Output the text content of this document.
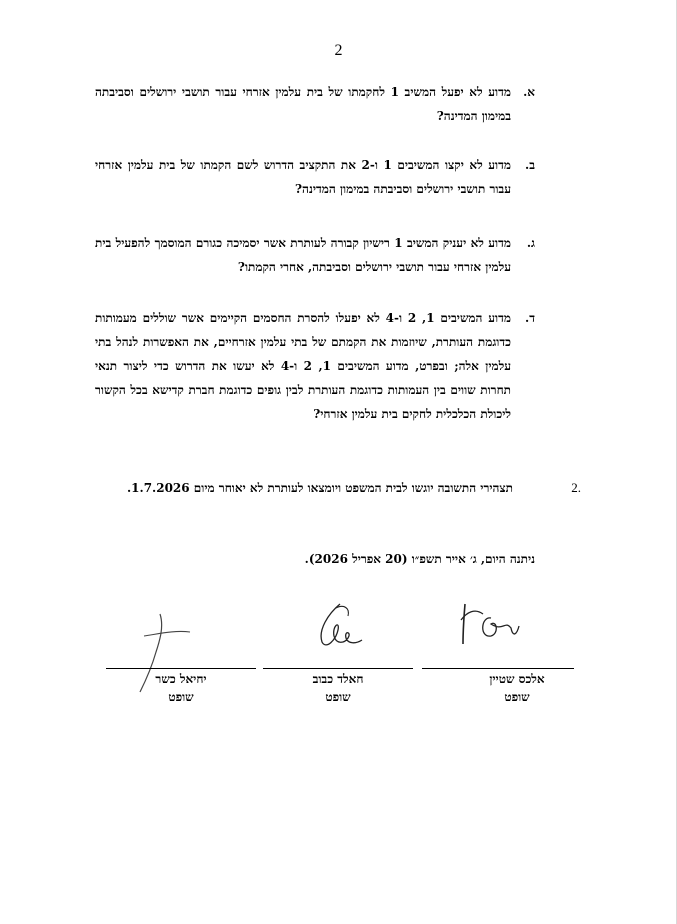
2
א.
מדוע לא יפעל המשיב 1 לחקמתו של בית עלמין אזרחי עבור תושבי ירושלים וסביבתה במימון המדינה?
ב.
מדוע לא יקצו המשיבים 1 ו-2 את התקציב הדרוש לשם הקמתו של בית עלמין אזרחי עבור תושבי ירושלים וסביבתה במימון המדינה?
ג.
מדוע לא יעניק המשיב 1 רישיון קבורה לעותרת אשר יסמיכה כגורם המוסמך להפעיל בית עלמין אזרחי עבור תושבי ירושלים וסביבתה, אחרי הקמתו?
ד.
מדוע המשיבים 1, 2 ו-4 לא יפעלו להסרת החסמים הקיימים אשר שוללים מעמותות כדוגמת העותרת, שיוזמות את הקמתם של בתי עלמין אזרחיים, את האפשרות לנהל בתי עלמין אלה; ובפרט, מדוע המשיבים 1, 2 ו-4 לא יעשו את הדרוש כדי ליצור תנאי תחרות שווים בין העמותות כדוגמת העותרת לבין גופים כדוגמת חברת קדישא בכל הקשור ליכולת הכלכלית לחקים בית עלמין אזרחי?
.2
תצהירי התשובה יוגשו לבית המשפט ויומצאו לעותרת לא יאוחר מיום 1.7.2026.
ניתנה היום, ג׳ אייר תשפ״ו (20 אפריל 2026).
אלכס שטיין
שופט
חאלד כבוב
שופט
יחיאל כשר
שופט
